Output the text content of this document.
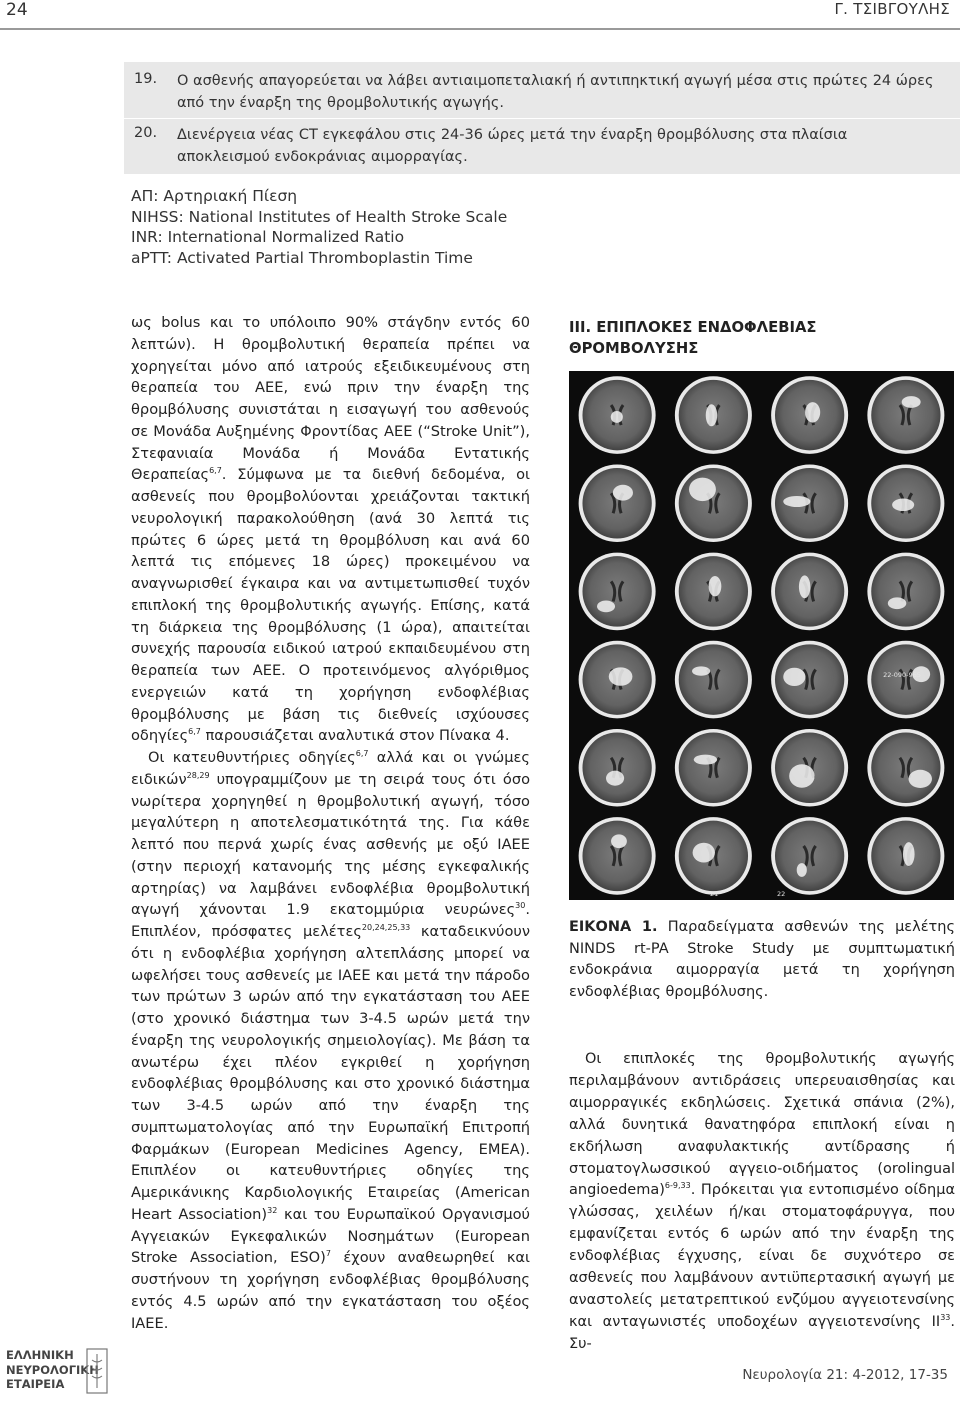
24	Γ. ΤΣΙΒΓΟΥΛΗΣ
19. Ο ασθενής απαγορεύεται να λάβει αντιαιμοπεταλιακή ή αντιπηκτική αγωγή μέσα στις πρώτες 24 ώρες
από την έναρξη της θρομβολυτικής αγωγής.
20. Διενέργεια νέας CT εγκεφάλου στις 24-36 ώρες μετά την έναρξη θρομβόλυσης στα πλαίσια
αποκλεισμού ενδοκράνιας αιμορραγίας.
ΑΠ: Αρτηριακή Πίεση
NIHSS: National Institutes of Health Stroke Scale
INR: International Normalized Ratio
aPTT: Activated Partial Thromboplastin Time

ως bolus και το υπόλοιπο 90% στάγδην εντός 60 λεπτών). Η θρομβολυτική θεραπεία πρέπει να χορηγείται μόνο από ιατρούς εξειδικευμένους στη θεραπεία του ΑΕΕ, ενώ πριν την έναρξη της θρομβόλυσης συνιστάται η εισαγωγή του ασθενούς σε Μονάδα Αυξημένης Φροντίδας ΑΕΕ (“Stroke Unit”), Στεφανιαία Μονάδα ή Μονάδα Εντατικής Θεραπείας$^{6,7}$. Σύμφωνα με τα διεθνή δεδομένα, οι ασθενείς που θρομβολύονται χρειάζονται τακτική νευρολογική παρακολούθηση (ανά 30 λεπτά τις πρώτες 6 ώρες μετά τη θρομβόλυση και ανά 60 λεπτά τις επόμενες 18 ώρες) προκειμένου να αναγνωρισθεί έγκαιρα και να αντιμετωπισθεί τυχόν επιπλοκή της θρομβολυτικής αγωγής. Επίσης, κατά τη διάρκεια της θρομβόλυσης (1 ώρα), απαιτείται συνεχής παρουσία ειδικού ιατρού εκπαιδευμένου στη θεραπεία των ΑΕΕ. Ο προτεινόμενος αλγόριθμος ενεργειών κατά τη χορήγηση ενδοφλέβιας θρομβόλυσης με βάση τις διεθνείς ισχύουσες οδηγίες$^{6,7}$ παρουσιάζεται αναλυτικά στον Πίνακα 4.

Οι κατευθυντήριες οδηγίες$^{6,7}$ αλλά και οι γνώμες ειδικών$^{28,29}$ υπογραμμίζουν με τη σειρά τους ότι όσο νωρίτερα χορηγηθεί η θρομβολυτική αγωγή, τόσο μεγαλύτερη η αποτελεσματικότητά της. Για κάθε λεπτό που περνά χωρίς ένας ασθενής με οξύ ΙΑΕΕ (στην περιοχή κατανομής της μέσης εγκεφαλικής αρτηρίας) να λαμβάνει ενδοφλέβια θρομβολυτική αγωγή χάνονται 1.9 εκατομμύρια νευρώνες$^{30}$. Επιπλέον, πρόσφατες μελέτες$^{20,24,25,33}$ καταδεικνύουν ότι η ενδοφλέβια χορήγηση αλτεπλάσης μπορεί να ωφελήσει τους ασθενείς με ΙΑΕΕ και μετά την πάροδο των πρώτων 3 ωρών από την εγκατάσταση του ΑΕΕ (στο χρονικό διάστημα των 3-4.5 ωρών μετά την έναρξη της νευρολογικής σημειολογίας). Με βάση τα ανωτέρω έχει πλέον εγκριθεί η χορήγηση ενδοφλέβιας θρομβόλυσης και στο χρονικό διάστημα των 3-4.5 ωρών από την έναρξη της συμπτωματολογίας από την Ευρωπαϊκή Επιτροπή Φαρμάκων (European Medicines Agency, EMEA). Επιπλέον οι κατευθυντήριες οδηγίες της Αμερικάνικης Καρδιολογικής Εταιρείας (American Heart Association)$^{32}$ και του Ευρωπαϊκού Οργανισμού Αγγειακών Εγκεφαλικών Νοσημάτων (European Stroke Association, ESO)$^7$ έχουν αναθεωρηθεί και συστήνουν τη χορήγηση ενδοφλέβιας θρομβόλυσης εντός 4.5 ωρών από την εγκατάσταση του οξέος ΙΑΕΕ.

III. ΕΠΙΠΛΟΚΕΣ ΕΝΔΟΦΛΕΒΙΑΣ
ΘΡΟΜΒΟΛΥΣΗΣ
22-090-965
21	22
ΕΙΚΟΝΑ 1. Παραδείγματα ασθενών της μελέτης NINDS rt-PA Stroke Study με συμπτωματική ενδοκράνια αιμορραγία μετά τη χορήγηση ενδοφλέβιας θρομβόλυσης.

Οι επιπλοκές της θρομβολυτικής αγωγής περιλαμβάνουν αντιδράσεις υπερευαισθησίας και αιμορραγικές εκδηλώσεις. Σχετικά σπάνια (2%), αλλά δυνητικά θανατηφόρα επιπλοκή είναι η εκδήλωση αναφυλακτικής αντίδρασης ή στοματογλωσσικού αγγειο-οιδήματος (orolingual angioedema)$^{6-9,33}$. Πρόκειται για εντοπισμένο οίδημα γλώσσας, χειλέων ή/και στοματοφάρυγγα, που εμφανίζεται εντός 6 ωρών από την έναρξη της ενδοφλέβιας έγχυσης, είναι δε συχνότερο σε ασθενείς που λαμβάνουν αντιϋπερτασική αγωγή με αναστολείς μετατρεπτικού ενζύμου αγγειοτενσίνης και ανταγωνιστές υποδοχέων αγγειοτενσίνης ΙΙ$^{33}$. Συ-

ΕΛΛΗΝΙΚΗ
ΝΕΥΡΟΛΟΓΙΚΗ
ΕΤΑΙΡΕΙΑ
Νευρολογία 21: 4-2012, 17-35
